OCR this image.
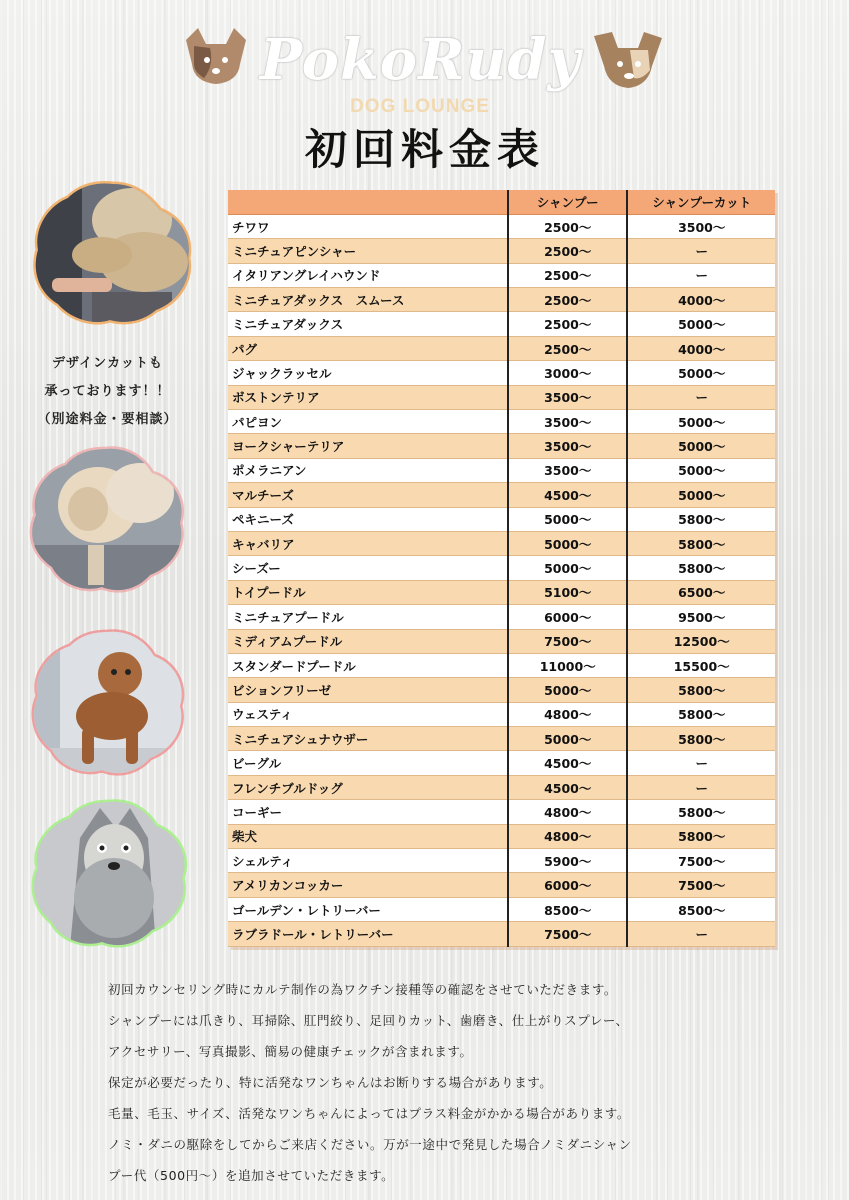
PokoRudy
DOG LOUNGE
初回料金表

デザインカットも

承っております！！

（別途料金・要相談）

	シャンプー	シャンプーカット
チワワ	2500〜	3500〜
ミニチュアピンシャー	2500〜	ー
イタリアングレイハウンド	2500〜	ー
ミニチュアダックス　スムース	2500〜	4000〜
ミニチュアダックス	2500〜	5000〜
パグ	2500〜	4000〜
ジャックラッセル	3000〜	5000〜
ボストンテリア	3500〜	ー
パピヨン	3500〜	5000〜
ヨークシャーテリア	3500〜	5000〜
ポメラニアン	3500〜	5000〜
マルチーズ	4500〜	5000〜
ペキニーズ	5000〜	5800〜
キャバリア	5000〜	5800〜
シーズー	5000〜	5800〜
トイプードル	5100〜	6500〜
ミニチュアプードル	6000〜	9500〜
ミディアムプードル	7500〜	12500〜
スタンダードプードル	11000〜	15500〜
ビションフリーゼ	5000〜	5800〜
ウェスティ	4800〜	5800〜
ミニチュアシュナウザー	5000〜	5800〜
ビーグル	4500〜	ー
フレンチブルドッグ	4500〜	ー
コーギー	4800〜	5800〜
柴犬	4800〜	5800〜
シェルティ	5900〜	7500〜
アメリカンコッカー	6000〜	7500〜
ゴールデン・レトリーバー	8500〜	8500〜
ラブラドール・レトリーバー	7500〜	ー

初回カウンセリング時にカルテ制作の為ワクチン接種等の確認をさせていただきます。

シャンプーには爪きり、耳掃除、肛門絞り、足回りカット、歯磨き、仕上がりスプレー、

アクセサリー、写真撮影、簡易の健康チェックが含まれます。

保定が必要だったり、特に活発なワンちゃんはお断りする場合があります。

毛量、毛玉、サイズ、活発なワンちゃんによってはプラス料金がかかる場合があります。

ノミ・ダニの駆除をしてからご来店ください。万が一途中で発見した場合ノミダニシャン

プー代（500円〜）を追加させていただきます。
